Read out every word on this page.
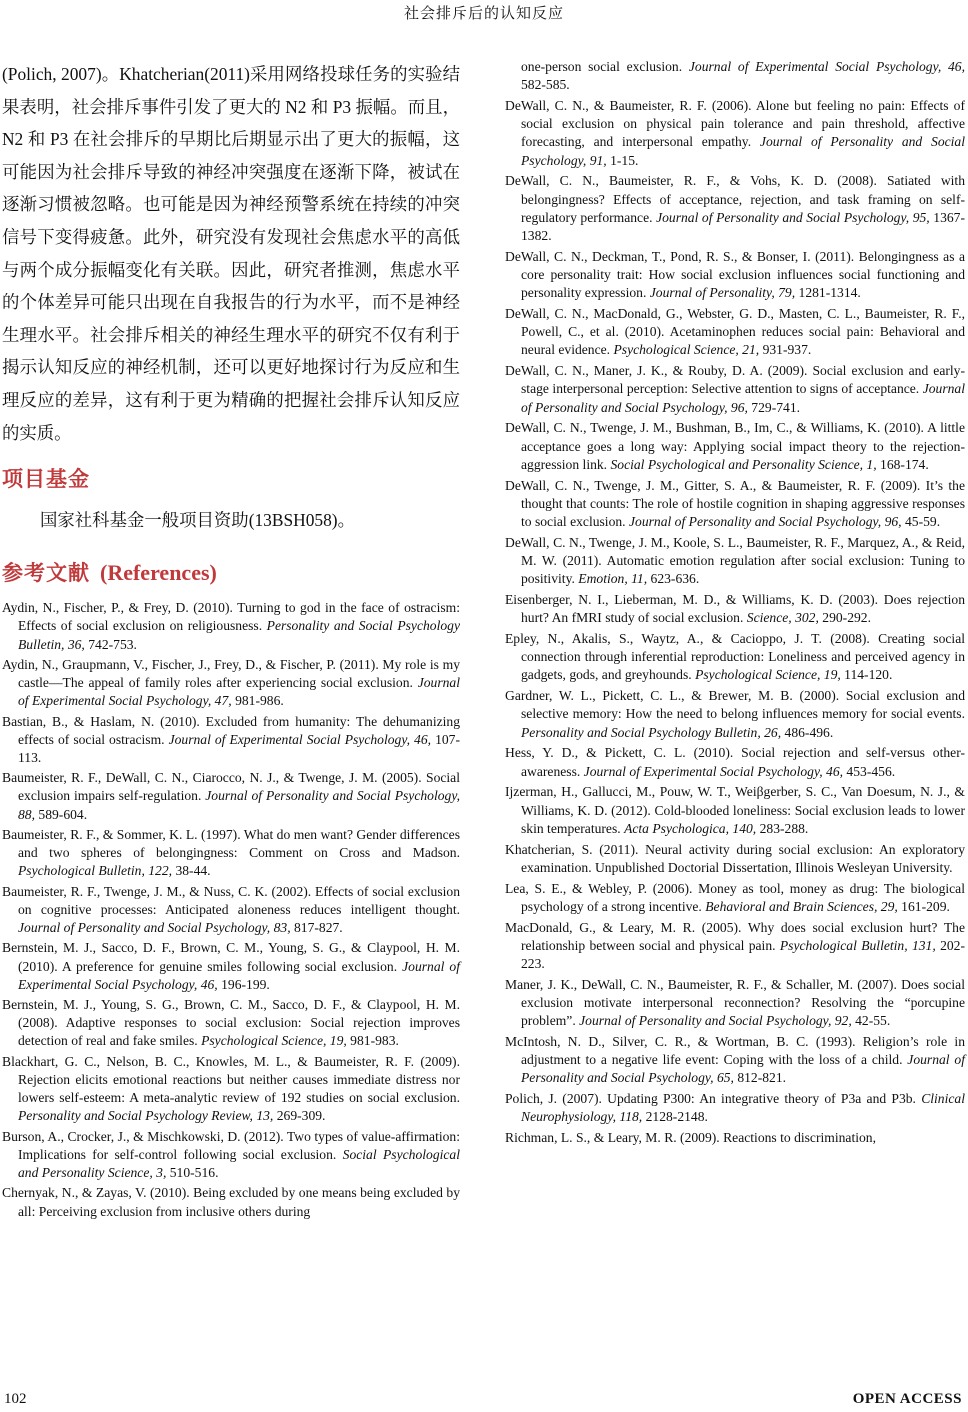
社会排斥后的认知反应

(Polich, 2007)。Khatcherian(2011)采用网络投球任务的实验结果表明，社会排斥事件引发了更大的 N2 和 P3 振幅。而且，N2 和 P3 在社会排斥的早期比后期显示出了更大的振幅，这可能因为社会排斥导致的神经冲突强度在逐渐下降，被试在逐渐习惯被忽略。也可能是因为神经预警系统在持续的冲突信号下变得疲惫。此外，研究没有发现社会焦虑水平的高低与两个成分振幅变化有关联。因此，研究者推测，焦虑水平的个体差异可能只出现在自我报告的行为水平，而不是神经生理水平。社会排斥相关的神经生理水平的研究不仅有利于揭示认知反应的神经机制，还可以更好地探讨行为反应和生理反应的差异，这有利于更为精确的把握社会排斥认知反应的实质。

项目基金

国家社科基金一般项目资助(13BSH058)。

参考文献 (References)
Aydin, N., Fischer, P., & Frey, D. (2010). Turning to god in the face of ostracism: Effects of social exclusion on religiousness. Personality and Social Psychology Bulletin, 36, 742-753.
Aydin, N., Graupmann, V., Fischer, J., Frey, D., & Fischer, P. (2011). My role is my castle—The appeal of family roles after experiencing social exclusion. Journal of Experimental Social Psychology, 47, 981-986.
Bastian, B., & Haslam, N. (2010). Excluded from humanity: The dehumanizing effects of social ostracism. Journal of Experimental Social Psychology, 46, 107-113.
Baumeister, R. F., DeWall, C. N., Ciarocco, N. J., & Twenge, J. M. (2005). Social exclusion impairs self-regulation. Journal of Personality and Social Psychology, 88, 589-604.
Baumeister, R. F., & Sommer, K. L. (1997). What do men want? Gender differences and two spheres of belongingness: Comment on Cross and Madson. Psychological Bulletin, 122, 38-44.
Baumeister, R. F., Twenge, J. M., & Nuss, C. K. (2002). Effects of social exclusion on cognitive processes: Anticipated aloneness reduces intelligent thought. Journal of Personality and Social Psychology, 83, 817-827.
Bernstein, M. J., Sacco, D. F., Brown, C. M., Young, S. G., & Claypool, H. M. (2010). A preference for genuine smiles following social exclusion. Journal of Experimental Social Psychology, 46, 196-199.
Bernstein, M. J., Young, S. G., Brown, C. M., Sacco, D. F., & Claypool, H. M. (2008). Adaptive responses to social exclusion: Social rejection improves detection of real and fake smiles. Psychological Science, 19, 981-983.
Blackhart, G. C., Nelson, B. C., Knowles, M. L., & Baumeister, R. F. (2009). Rejection elicits emotional reactions but neither causes immediate distress nor lowers self-esteem: A meta-analytic review of 192 studies on social exclusion. Personality and Social Psychology Review, 13, 269-309.
Burson, A., Crocker, J., & Mischkowski, D. (2012). Two types of value-affirmation: Implications for self-control following social exclusion. Social Psychological and Personality Science, 3, 510-516.
Chernyak, N., & Zayas, V. (2010). Being excluded by one means being excluded by all: Perceiving exclusion from inclusive others during
one-person social exclusion. Journal of Experimental Social Psychology, 46, 582-585.
DeWall, C. N., & Baumeister, R. F. (2006). Alone but feeling no pain: Effects of social exclusion on physical pain tolerance and pain threshold, affective forecasting, and interpersonal empathy. Journal of Personality and Social Psychology, 91, 1-15.
DeWall, C. N., Baumeister, R. F., & Vohs, K. D. (2008). Satiated with belongingness? Effects of acceptance, rejection, and task framing on self-regulatory performance. Journal of Personality and Social Psychology, 95, 1367-1382.
DeWall, C. N., Deckman, T., Pond, R. S., & Bonser, I. (2011). Belongingness as a core personality trait: How social exclusion influences social functioning and personality expression. Journal of Personality, 79, 1281-1314.
DeWall, C. N., MacDonald, G., Webster, G. D., Masten, C. L., Baumeister, R. F., Powell, C., et al. (2010). Acetaminophen reduces social pain: Behavioral and neural evidence. Psychological Science, 21, 931-937.
DeWall, C. N., Maner, J. K., & Rouby, D. A. (2009). Social exclusion and early-stage interpersonal perception: Selective attention to signs of acceptance. Journal of Personality and Social Psychology, 96, 729-741.
DeWall, C. N., Twenge, J. M., Bushman, B., Im, C., & Williams, K. (2010). A little acceptance goes a long way: Applying social impact theory to the rejection-aggression link. Social Psychological and Personality Science, 1, 168-174.
DeWall, C. N., Twenge, J. M., Gitter, S. A., & Baumeister, R. F. (2009). It’s the thought that counts: The role of hostile cognition in shaping aggressive responses to social exclusion. Journal of Personality and Social Psychology, 96, 45-59.
DeWall, C. N., Twenge, J. M., Koole, S. L., Baumeister, R. F., Marquez, A., & Reid, M. W. (2011). Automatic emotion regulation after social exclusion: Tuning to positivity. Emotion, 11, 623-636.
Eisenberger, N. I., Lieberman, M. D., & Williams, K. D. (2003). Does rejection hurt? An fMRI study of social exclusion. Science, 302, 290-292.
Epley, N., Akalis, S., Waytz, A., & Cacioppo, J. T. (2008). Creating social connection through inferential reproduction: Loneliness and perceived agency in gadgets, gods, and greyhounds. Psychological Science, 19, 114-120.
Gardner, W. L., Pickett, C. L., & Brewer, M. B. (2000). Social exclusion and selective memory: How the need to belong influences memory for social events. Personality and Social Psychology Bulletin, 26, 486-496.
Hess, Y. D., & Pickett, C. L. (2010). Social rejection and self-versus other-awareness. Journal of Experimental Social Psychology, 46, 453-456.
Ijzerman, H., Gallucci, M., Pouw, W. T., Weiβgerber, S. C., Van Doesum, N. J., & Williams, K. D. (2012). Cold-blooded loneliness: Social exclusion leads to lower skin temperatures. Acta Psychologica, 140, 283-288.
Khatcherian, S. (2011). Neural activity during social exclusion: An exploratory examination. Unpublished Doctorial Dissertation, Illinois Wesleyan University.
Lea, S. E., & Webley, P. (2006). Money as tool, money as drug: The biological psychology of a strong incentive. Behavioral and Brain Sciences, 29, 161-209.
MacDonald, G., & Leary, M. R. (2005). Why does social exclusion hurt? The relationship between social and physical pain. Psychological Bulletin, 131, 202-223.
Maner, J. K., DeWall, C. N., Baumeister, R. F., & Schaller, M. (2007). Does social exclusion motivate interpersonal reconnection? Resolving the “porcupine problem”. Journal of Personality and Social Psychology, 92, 42-55.
McIntosh, N. D., Silver, C. R., & Wortman, B. C. (1993). Religion’s role in adjustment to a negative life event: Coping with the loss of a child. Journal of Personality and Social Psychology, 65, 812-821.
Polich, J. (2007). Updating P300: An integrative theory of P3a and P3b. Clinical Neurophysiology, 118, 2128-2148.
Richman, L. S., & Leary, M. R. (2009). Reactions to discrimination,
102	OPEN ACCESS
